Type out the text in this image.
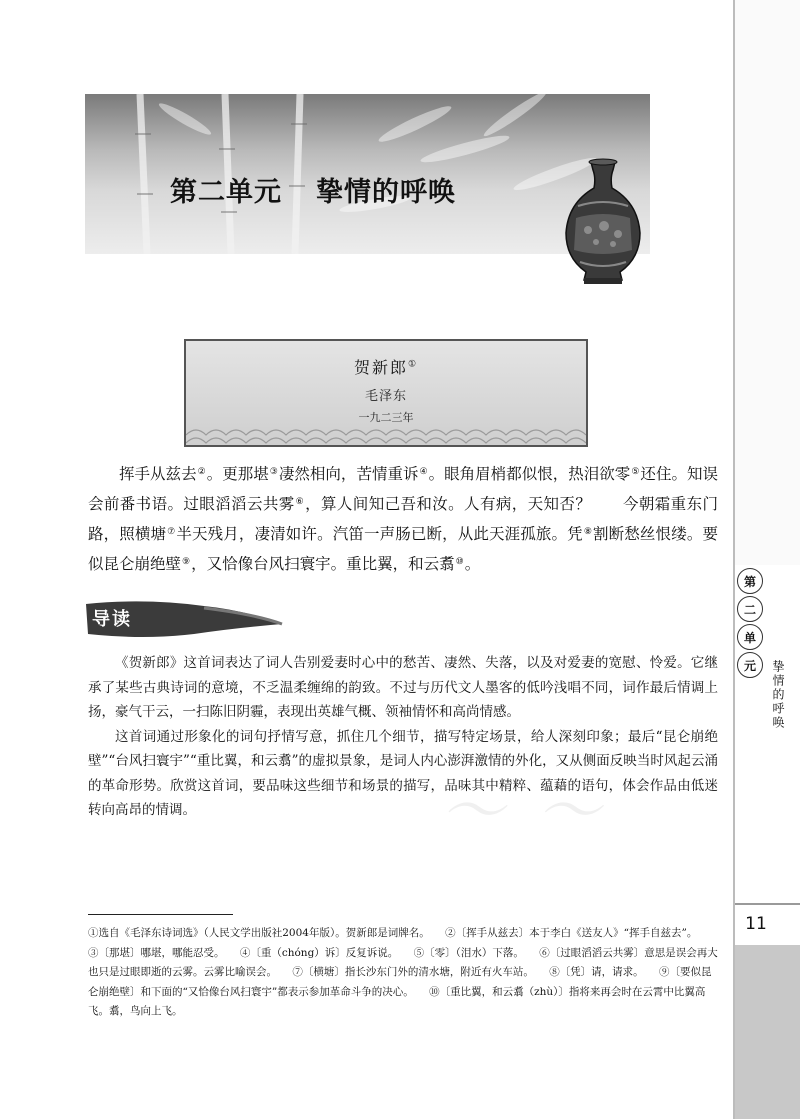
第
二
单
元	挚情的呼唤
11
第二单元 挚情的呼唤
贺新郎①
毛泽东
一九二三年

挥手从兹去②。更那堪③凄然相向，苦情重诉④。眼角眉梢都似恨，热泪欲零⑤还住。知误会前番书语。过眼滔滔云共雾⑥，算人间知己吾和汝。人有病，天知否？　　今朝霜重东门路，照横塘⑦半天残月，凄清如许。汽笛一声肠已断，从此天涯孤旅。凭⑧割断愁丝恨缕。要似昆仑崩绝壁⑨，又恰像台风扫寰宇。重比翼，和云翥⑩。

导读
〜 〜

《贺新郎》这首词表达了词人告别爱妻时心中的愁苦、凄然、失落，以及对爱妻的宽慰、怜爱。它继承了某些古典诗词的意境，不乏温柔缠绵的韵致。不过与历代文人墨客的低吟浅唱不同，词作最后情调上扬，豪气干云，一扫陈旧阴霾，表现出英雄气概、领袖情怀和高尚情感。

这首词通过形象化的词句抒情写意，抓住几个细节，描写特定场景，给人深刻印象；最后“昆仑崩绝壁”“台风扫寰宇”“重比翼，和云翥”的虚拟景象，是词人内心澎湃激情的外化，又从侧面反映当时风起云涌的革命形势。欣赏这首词，要品味这些细节和场景的描写，品味其中精粹、蕴藉的语句，体会作品由低迷转向高昂的情调。

①选自《毛泽东诗词选》（人民文学出版社2004年版）。贺新郎是词牌名。 ②〔挥手从兹去〕本于李白《送友人》“挥手自兹去”。 ③〔那堪〕哪堪，哪能忍受。 ④〔重（chóng）诉〕反复诉说。 ⑤〔零〕（泪水）下落。 ⑥〔过眼滔滔云共雾〕意思是误会再大也只是过眼即逝的云雾。云雾比喻误会。 ⑦〔横塘〕指长沙东门外的清水塘，附近有火车站。 ⑧〔凭〕请，请求。 ⑨〔要似昆仑崩绝壁〕和下面的“又恰像台风扫寰宇”都表示参加革命斗争的决心。 ⑩〔重比翼，和云翥（zhù）〕指将来再会时在云霄中比翼高飞。翥，鸟向上飞。
